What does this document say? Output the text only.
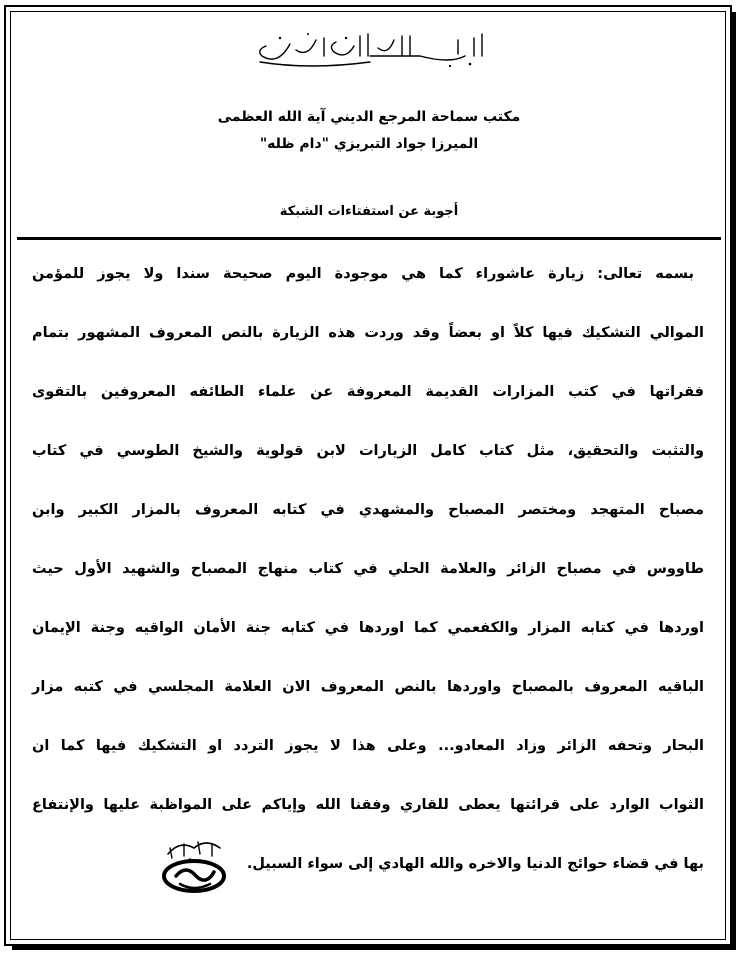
مكتب سماحة المرجع الديني آية الله العظمى
الميرزا جواد التبريزي "دام ظله"
أجوبة عن استفتاءات الشبكة
بسمه تعالى: زيارة عاشوراء كما هي موجودة اليوم صحيحة سندا ولا يجوز للمؤمن
الموالي التشكيك فيها كلاً او بعضاً وقد وردت هذه الزيارة بالنص المعروف المشهور بتمام
فقراتها في كتب المزارات القديمة المعروفة عن علماء الطائفه المعروفين بالتقوى
والتثبت والتحقيق، مثل كتاب كامل الزيارات لابن قولوية والشيخ الطوسي في كتاب
مصباح المتهجد ومختصر المصباح والمشهدي في كتابه المعروف بالمزار الكبير وابن
طاووس في مصباح الزائر والعلامة الحلي في كتاب منهاج المصباح والشهيد الأول حيث
اوردها في كتابه المزار والكفعمي كما اوردها في كتابه جنة الأمان الواقيه وجنة الإيمان
الباقيه المعروف بالمصباح واوردها بالنص المعروف الان العلامة المجلسي في كتبه مزار
البحار وتحفه الزائر وزاد المعادو... وعلى هذا لا يجوز التردد او التشكيك فيها كما ان
الثواب الوارد على قرائتها يعطى للقاري وفقنا الله وإياكم على المواظبة عليها والإنتفاع
بها في قضاء حوائج الدنيا والاخره والله الهادي إلى سواء السبيل.
